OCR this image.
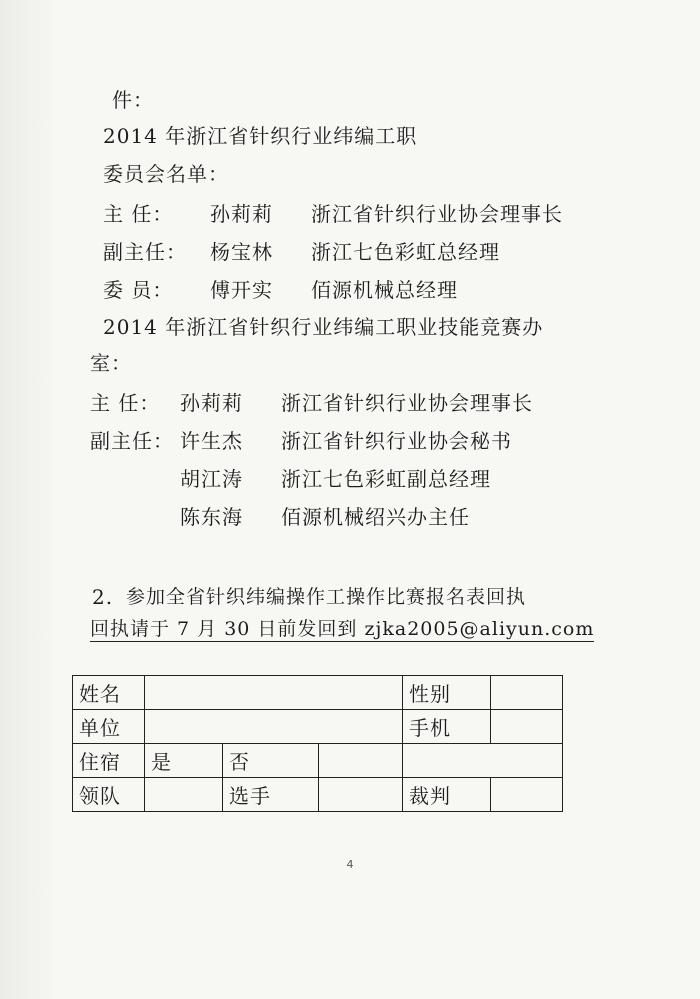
件：
2014 年浙江省针织行业纬编工职
委员会名单：
主 任： 孙莉莉 浙江省针织行业协会理事长
副主任： 杨宝林 浙江七色彩虹总经理
委 员： 傅开实 佰源机械总经理
2014 年浙江省针织行业纬编工职业技能竞赛办
室：
主 任： 孙莉莉 浙江省针织行业协会理事长
副主任： 许生杰 浙江省针织行业协会秘书
胡江涛 浙江七色彩虹副总经理
陈东海 佰源机械绍兴办主任
2. 参加全省针织纬编操作工操作比赛报名表回执
回执请于 7 月 30 日前发回到 zjka2005@aliyun.com
姓名				性别	
单位				手机	
住宿	是	否			
领队		选手		裁判	
4
